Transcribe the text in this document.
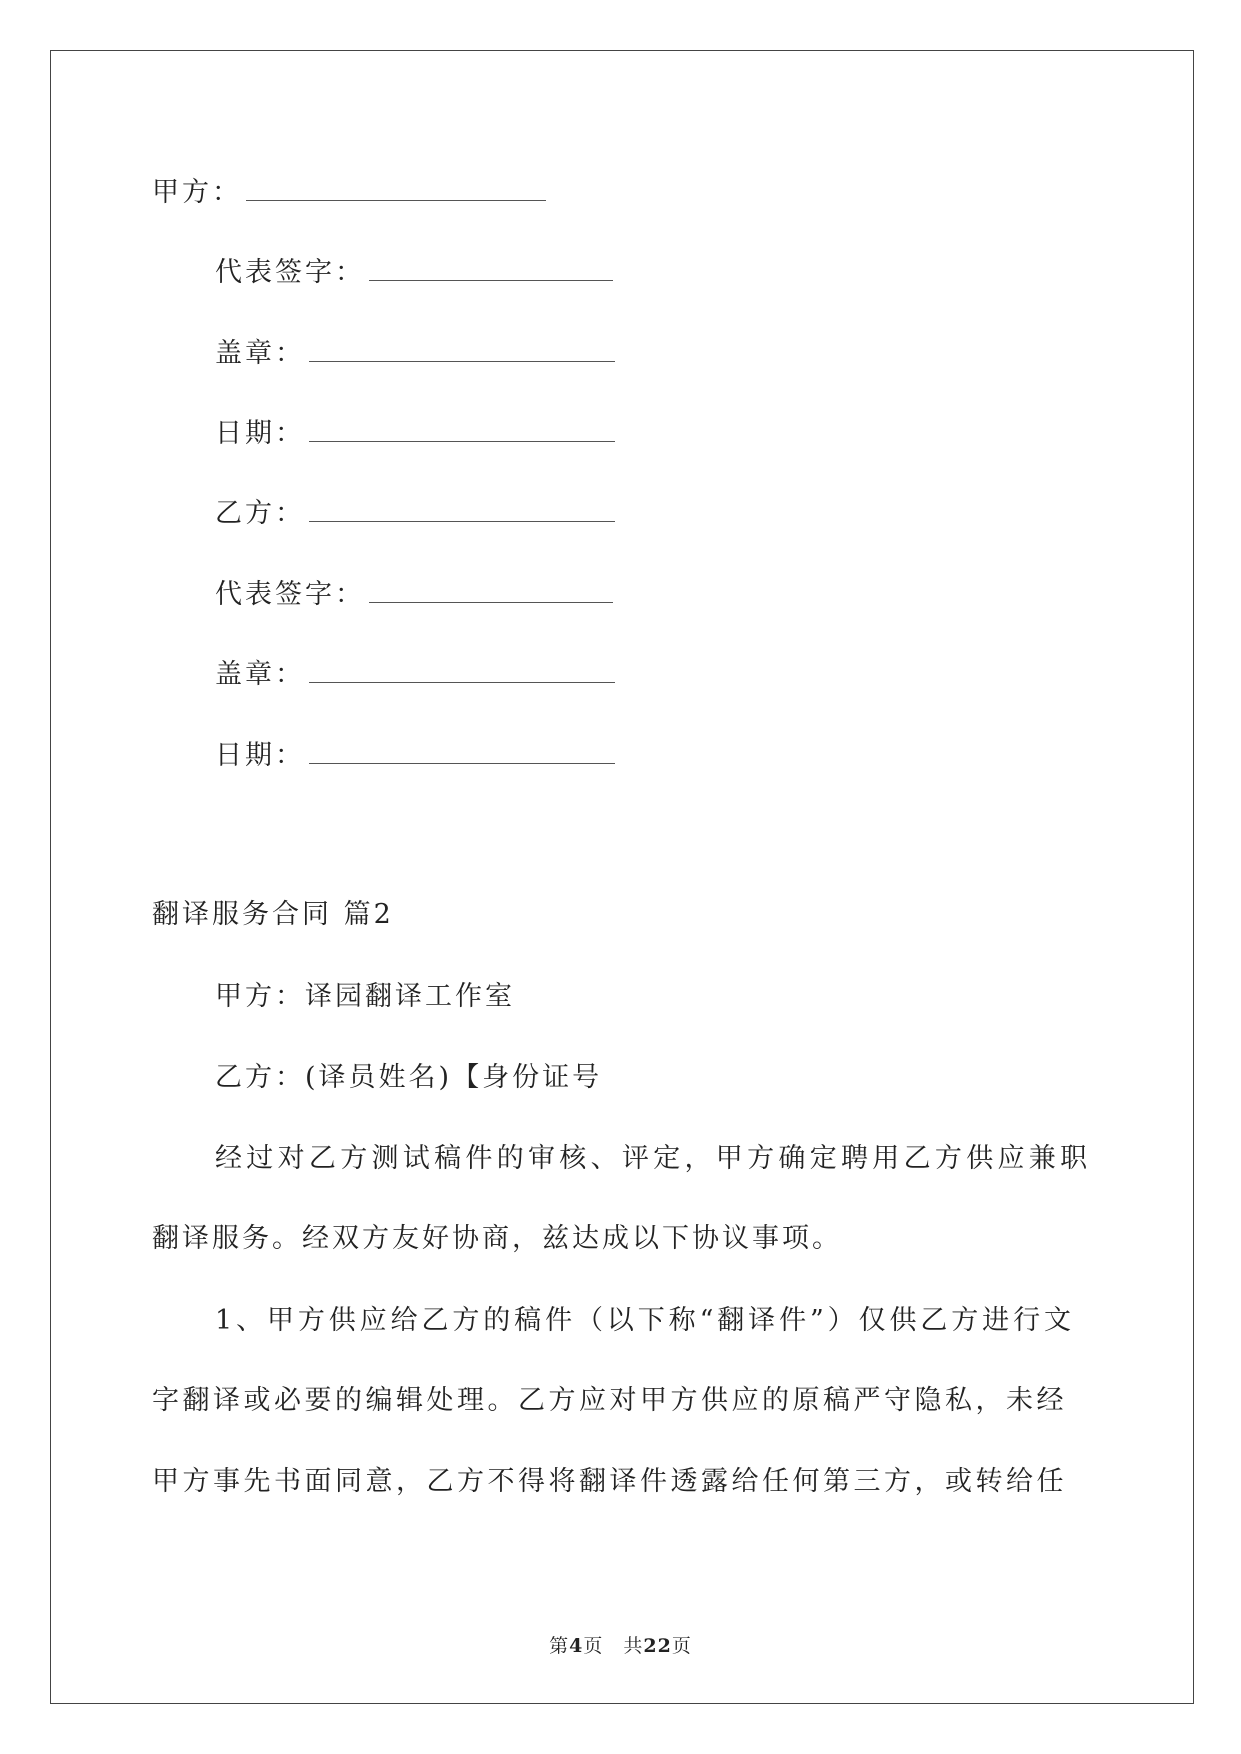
甲方：
代表签字：
盖章：
日期：
乙方：
代表签字：
盖章：
日期：
翻译服务合同 篇2
甲方：译园翻译工作室
乙方：(译员姓名)【身份证号
经过对乙方测试稿件的审核、评定，甲方确定聘用乙方供应兼职
翻译服务。经双方友好协商，兹达成以下协议事项。
1、甲方供应给乙方的稿件（以下称“翻译件”）仅供乙方进行文
字翻译或必要的编辑处理。乙方应对甲方供应的原稿严守隐私，未经
甲方事先书面同意，乙方不得将翻译件透露给任何第三方，或转给任
第4页　共22页
